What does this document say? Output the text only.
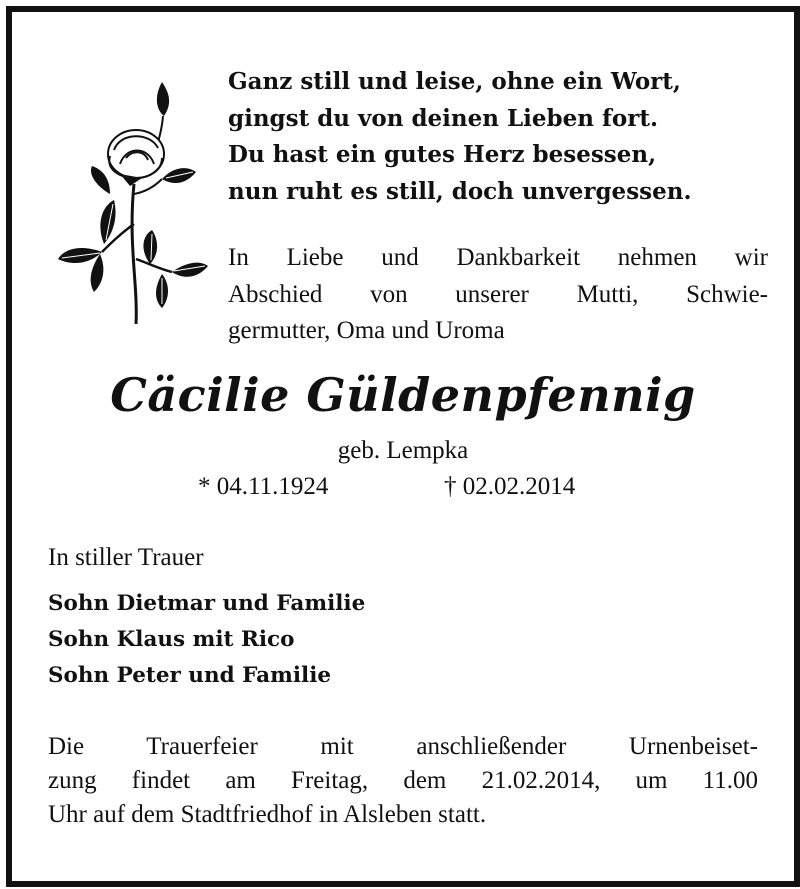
Ganz still und leise, ohne ein Wort,
gingst du von deinen Lieben fort.
Du hast ein gutes Herz besessen,
nun ruht es still, doch unvergessen.
In Liebe und Dankbarkeit nehmen wir
Abschied von unserer Mutti, Schwie-
germutter, Oma und Uroma
Cäcilie Güldenpfennig
geb. Lempka
* 04.11.1924	† 02.02.2014
In stiller Trauer
Sohn Dietmar und Familie
Sohn Klaus mit Rico
Sohn Peter und Familie
Die Trauerfeier mit anschließender Urnenbeiset-
zung findet am Freitag, dem 21.02.2014, um 11.00
Uhr auf dem Stadtfriedhof in Alsleben statt.
